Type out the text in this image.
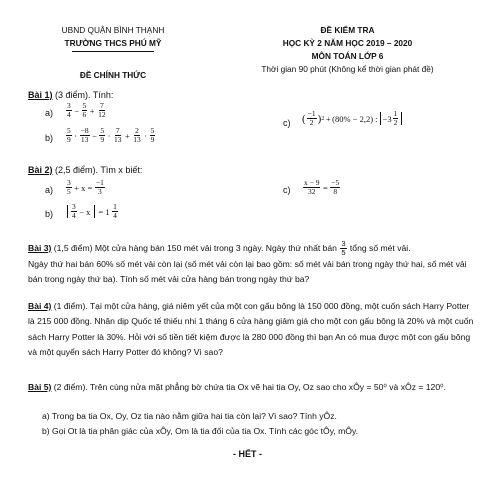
UBND QUẬN BÌNH THẠNH
TRƯỜNG THCS PHÚ MỸ
ĐỀ CHÍNH THỨC
ĐỀ KIỂM TRA
HỌC KỲ 2 NĂM HỌC 2019 – 2020
MÔN TOÁN LỚP 6
Thời gian 90 phút (Không kể thời gian phát đề)
Bài 1) (3 điểm). Tính:
$a) \frac{3}{4} - \frac{5}{6} + \frac{7}{12}$
$b) \frac{5}{9} \cdot \frac{-8}{13} - \frac{5}{9} \cdot \frac{7}{13} + \frac{2}{13} \cdot \frac{5}{9}$
c) ( $\frac{-1}{2}$ ) 2 + (80% − 2,2) : $-3 \frac{1}{2}$
Bài 2) (2,5 điểm). Tìm x biết:
$a) \frac{3}{5} + x = \frac{-1}{3}$
$b) \frac{3}{4} - x = 1 \frac{1}{4}$
$c) \frac{x - 9}{32} = \frac{-5}{8}$
Bài 3) (1,5 điểm) Một cửa hàng bán 150 mét vải trong 3 ngày. Ngày thứ nhất bán $\frac{3}{5}$ tổng số mét vải.
Ngày thứ hai bán 60% số mét vải còn lại (số mét vải còn lại bao gồm: số mét vải bán trong ngày thứ hai, số mét vải bán trong ngày thứ ba). Tính số mét vải cửa hàng bán trong ngày thứ ba?
Bài 4) (1 điểm). Tại một cửa hàng, giá niêm yết của một con gấu bông là 150 000 đồng, một cuốn sách Harry Potter là 215 000 đồng. Nhân dịp Quốc tế thiếu nhi 1 tháng 6 cửa hàng giảm giá cho một con gấu bông là 20% và một cuốn sách Harry Potter là 30%. Hỏi với số tiền tiết kiệm được là 280 000 đồng thì bạn An có mua được một con gấu bông và một quyển sách Harry Potter đó không? Vì sao?
Bài 5) (2 điểm). Trên cùng nửa mặt phẳng bờ chứa tia Ox vẽ hai tia Oy, Oz sao cho xÔy = 50⁰ và xÔz = 120⁰.
a) Trong ba tia Ox, Oy, Oz tia nào nằm giữa hai tia còn lại? Vì sao? Tính yÔz.
b) Gọi Ot là tia phân giác của xÔy, Om là tia đối của tia Ox. Tính các góc tÔy, mÔy.
- HẾT -
